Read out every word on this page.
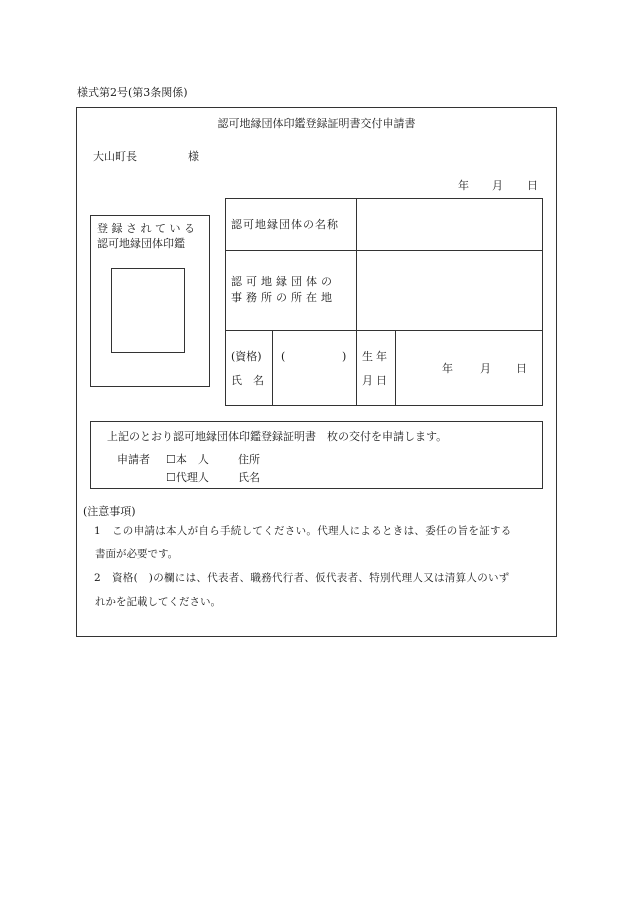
様式第2号(第3条関係)
認可地縁団体印鑑登録証明書交付申請書
大山町長	様
年 月 日
登録されている
認可地縁団体印鑑
認可地縁団体の名称
認可地縁団体の
事務所の所在地
(資格)
氏　名
(	) 生年
月日
年 月 日
上記のとおり認可地縁団体印鑑登録証明書　枚の交付を申請します。
申請者 ☐本　人
☐代理人
住所
氏名
(注意事項)
1 この申請は本人が自ら手続してください。代理人によるときは、委任の旨を証する
書面が必要です。
2 資格(　)の欄には、代表者、職務代行者、仮代表者、特別代理人又は清算人のいず
れかを記載してください。
